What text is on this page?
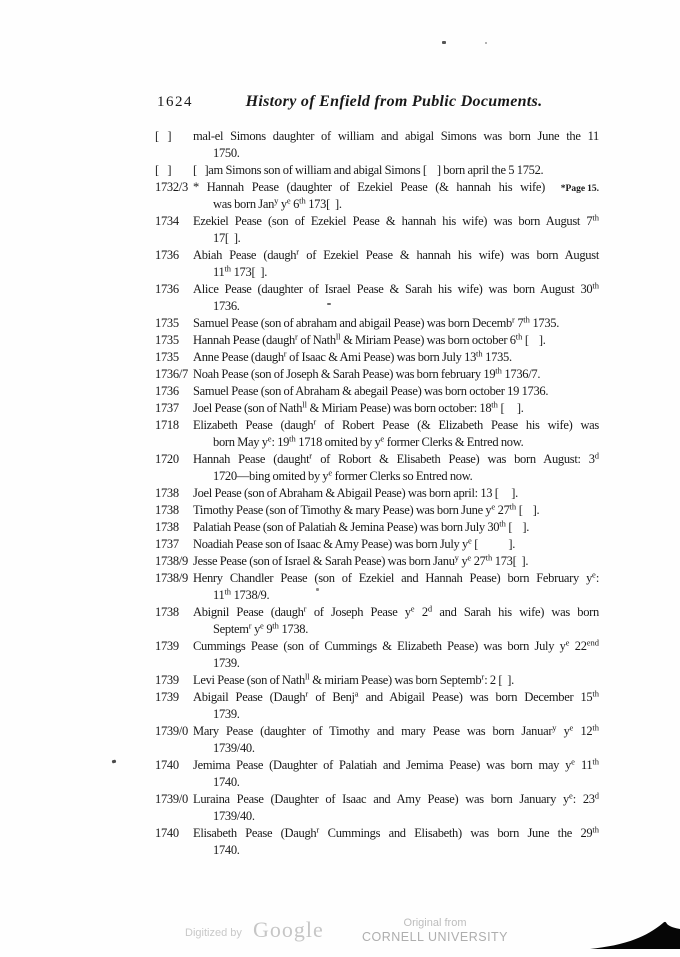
1624	History of Enfield from Public Documents.
[   ]	mal-el Simons daughter of william and abigal Simons was born June the 11
1750.
[   ]	[   ]am Simons son of william and abigal Simons [    ] born april the 5 1752.
1732/3 * Hannah Pease (daughter of Ezekiel Pease (& hannah his wife) *Page 15.
was born Jan$^y$ $y^e$ 6th 173[  ].
1734	Ezekiel Pease (son of Ezekiel Pease & hannah his wife) was born August 7th
17[  ].
1736	Abiah Pease (daugh$^r$ of Ezekiel Pease & hannah his wife) was born August
11th 173[  ].
1736	Alice Pease (daughter of Israel Pease & Sarah his wife) was born August 30th
1736.
1735	Samuel Pease (son of abraham and abigail Pease) was born Decemb$^r$ 7th 1735.
1735	Hannah Pease (daugh$^r$ of Nath$^{ll}$ & Miriam Pease) was born october 6th [    ].
1735	Anne Pease (daugh$^r$ of Isaac & Ami Pease) was born July 13th 1735.
1736/7 Noah Pease (son of Joseph & Sarah Pease) was born february 19th 1736/7.
1736	Samuel Pease (son of Abraham & abegail Pease) was born october 19 1736.
1737	Joel Pease (son of Nath$^{ll}$ & Miriam Pease) was born october: 18th [     ].
1718	Elizabeth Pease (daugh$^r$ of Robert Pease (& Elizabeth Pease his wife) was
born May $y^e$: 19th 1718 omited by $y^e$ former Clerks & Entred now.
1720	Hannah Pease (daught$^r$ of Robort & Elisabeth Pease) was born August: 3$^d$
1720—bing omited by $y^e$ former Clerks so Entred now.
1738	Joel Pease (son of Abraham & Abigail Pease) was born april: 13 [     ].
1738	Timothy Pease (son of Timothy & mary Pease) was born June $y^e$ 27th [    ].
1738	Palatiah Pease (son of Palatiah & Jemina Pease) was born July 30th [    ].
1737	Noadiah Pease son of Isaac & Amy Pease) was born July $y^e$ [            ].
1738/9 Jesse Pease (son of Israel & Sarah Pease) was born Janu$^y$ $y^e$ 27th 173[  ].
1738/9 Henry Chandler Pease (son of Ezekiel and Hannah Pease) born February $y^e$:
11th 1738/9.
1738	Abignil Pease (daugh$^r$ of Joseph Pease $y^e$ 2$^d$ and Sarah his wife) was born
Septem$^r$ $y^e$ 9th 1738.
1739	Cummings Pease (son of Cummings & Elizabeth Pease) was born July $y^e$ $22^{end}$
1739.
1739	Levi Pease (son of Nath$^{ll}$ & miriam Pease) was born Septemb$^r$: 2 [  ].
1739	Abigail Pease (Daugh$^r$ of Benj$^a$ and Abigail Pease) was born December 15th
1739.
1739/0 Mary Pease (daughter of Timothy and mary Pease was born Januar$^y$ $y^e$ 12th
1739/40.
1740	Jemima Pease (Daughter of Palatiah and Jemima Pease) was born may $y^e$ 11th
1740.
1739/0 Luraina Pease (Daughter of Isaac and Amy Pease) was born January $y^e$: 23$^d$
1739/40.
1740	Elisabeth Pease (Daugh$^r$ Cummings and Elisabeth) was born June the 29th
1740.
Digitized by Google	Original from
CORNELL UNIVERSITY
